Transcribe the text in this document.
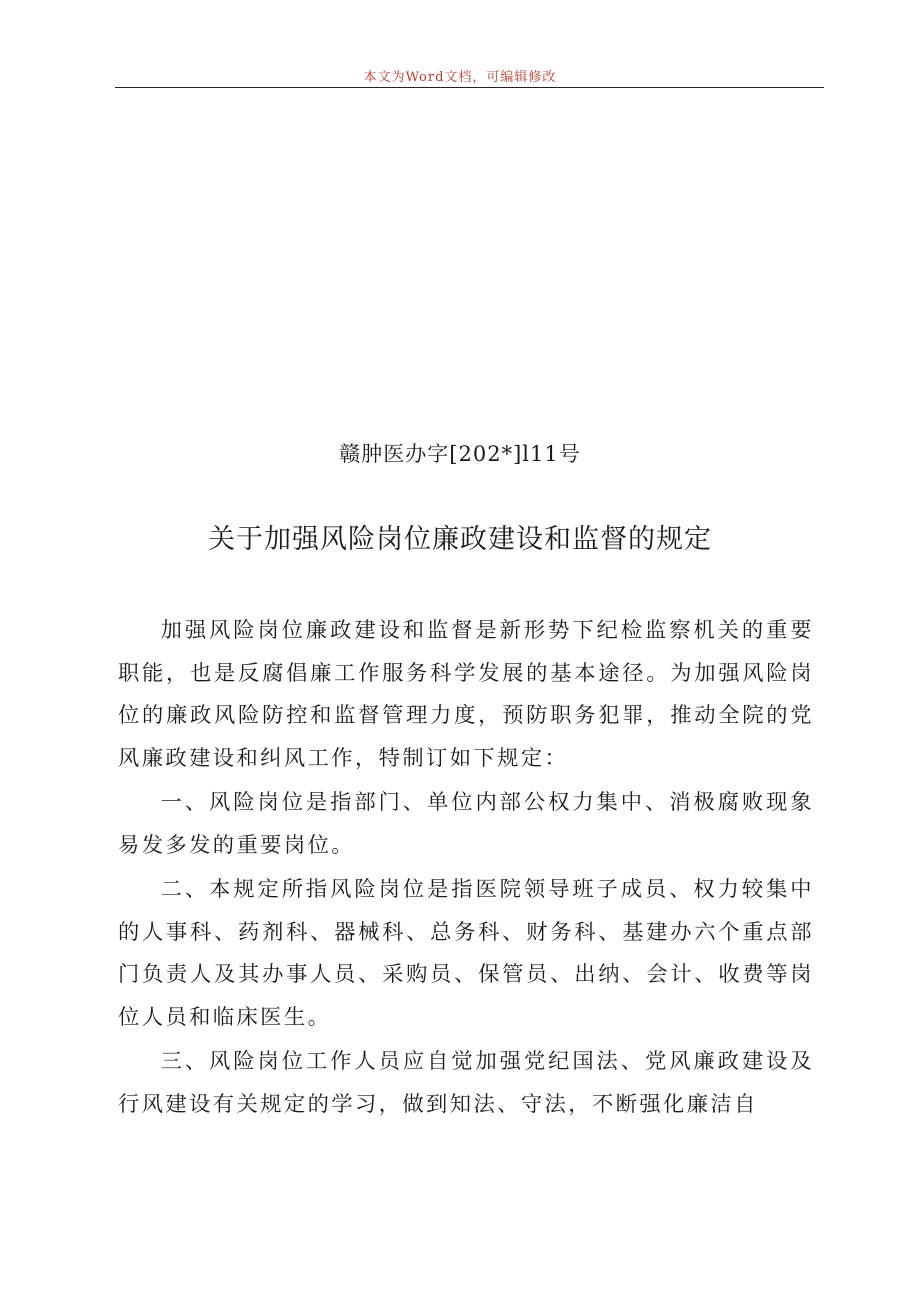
本文为Word文档，可编辑修改
赣肿医办字[202*]l11号
关于加强风险岗位廉政建设和监督的规定

加强风险岗位廉政建设和监督是新形势下纪检监察机关的重要职能，也是反腐倡廉工作服务科学发展的基本途径。为加强风险岗位的廉政风险防控和监督管理力度，预防职务犯罪，推动全院的党风廉政建设和纠风工作，特制订如下规定：

一、风险岗位是指部门、单位内部公权力集中、消极腐败现象易发多发的重要岗位。

二、本规定所指风险岗位是指医院领导班子成员、权力较集中的人事科、药剂科、器械科、总务科、财务科、基建办六个重点部门负责人及其办事人员、采购员、保管员、出纳、会计、收费等岗位人员和临床医生。

三、风险岗位工作人员应自觉加强党纪国法、党风廉政建设及行风建设有关规定的学习，做到知法、守法，不断强化廉洁自
